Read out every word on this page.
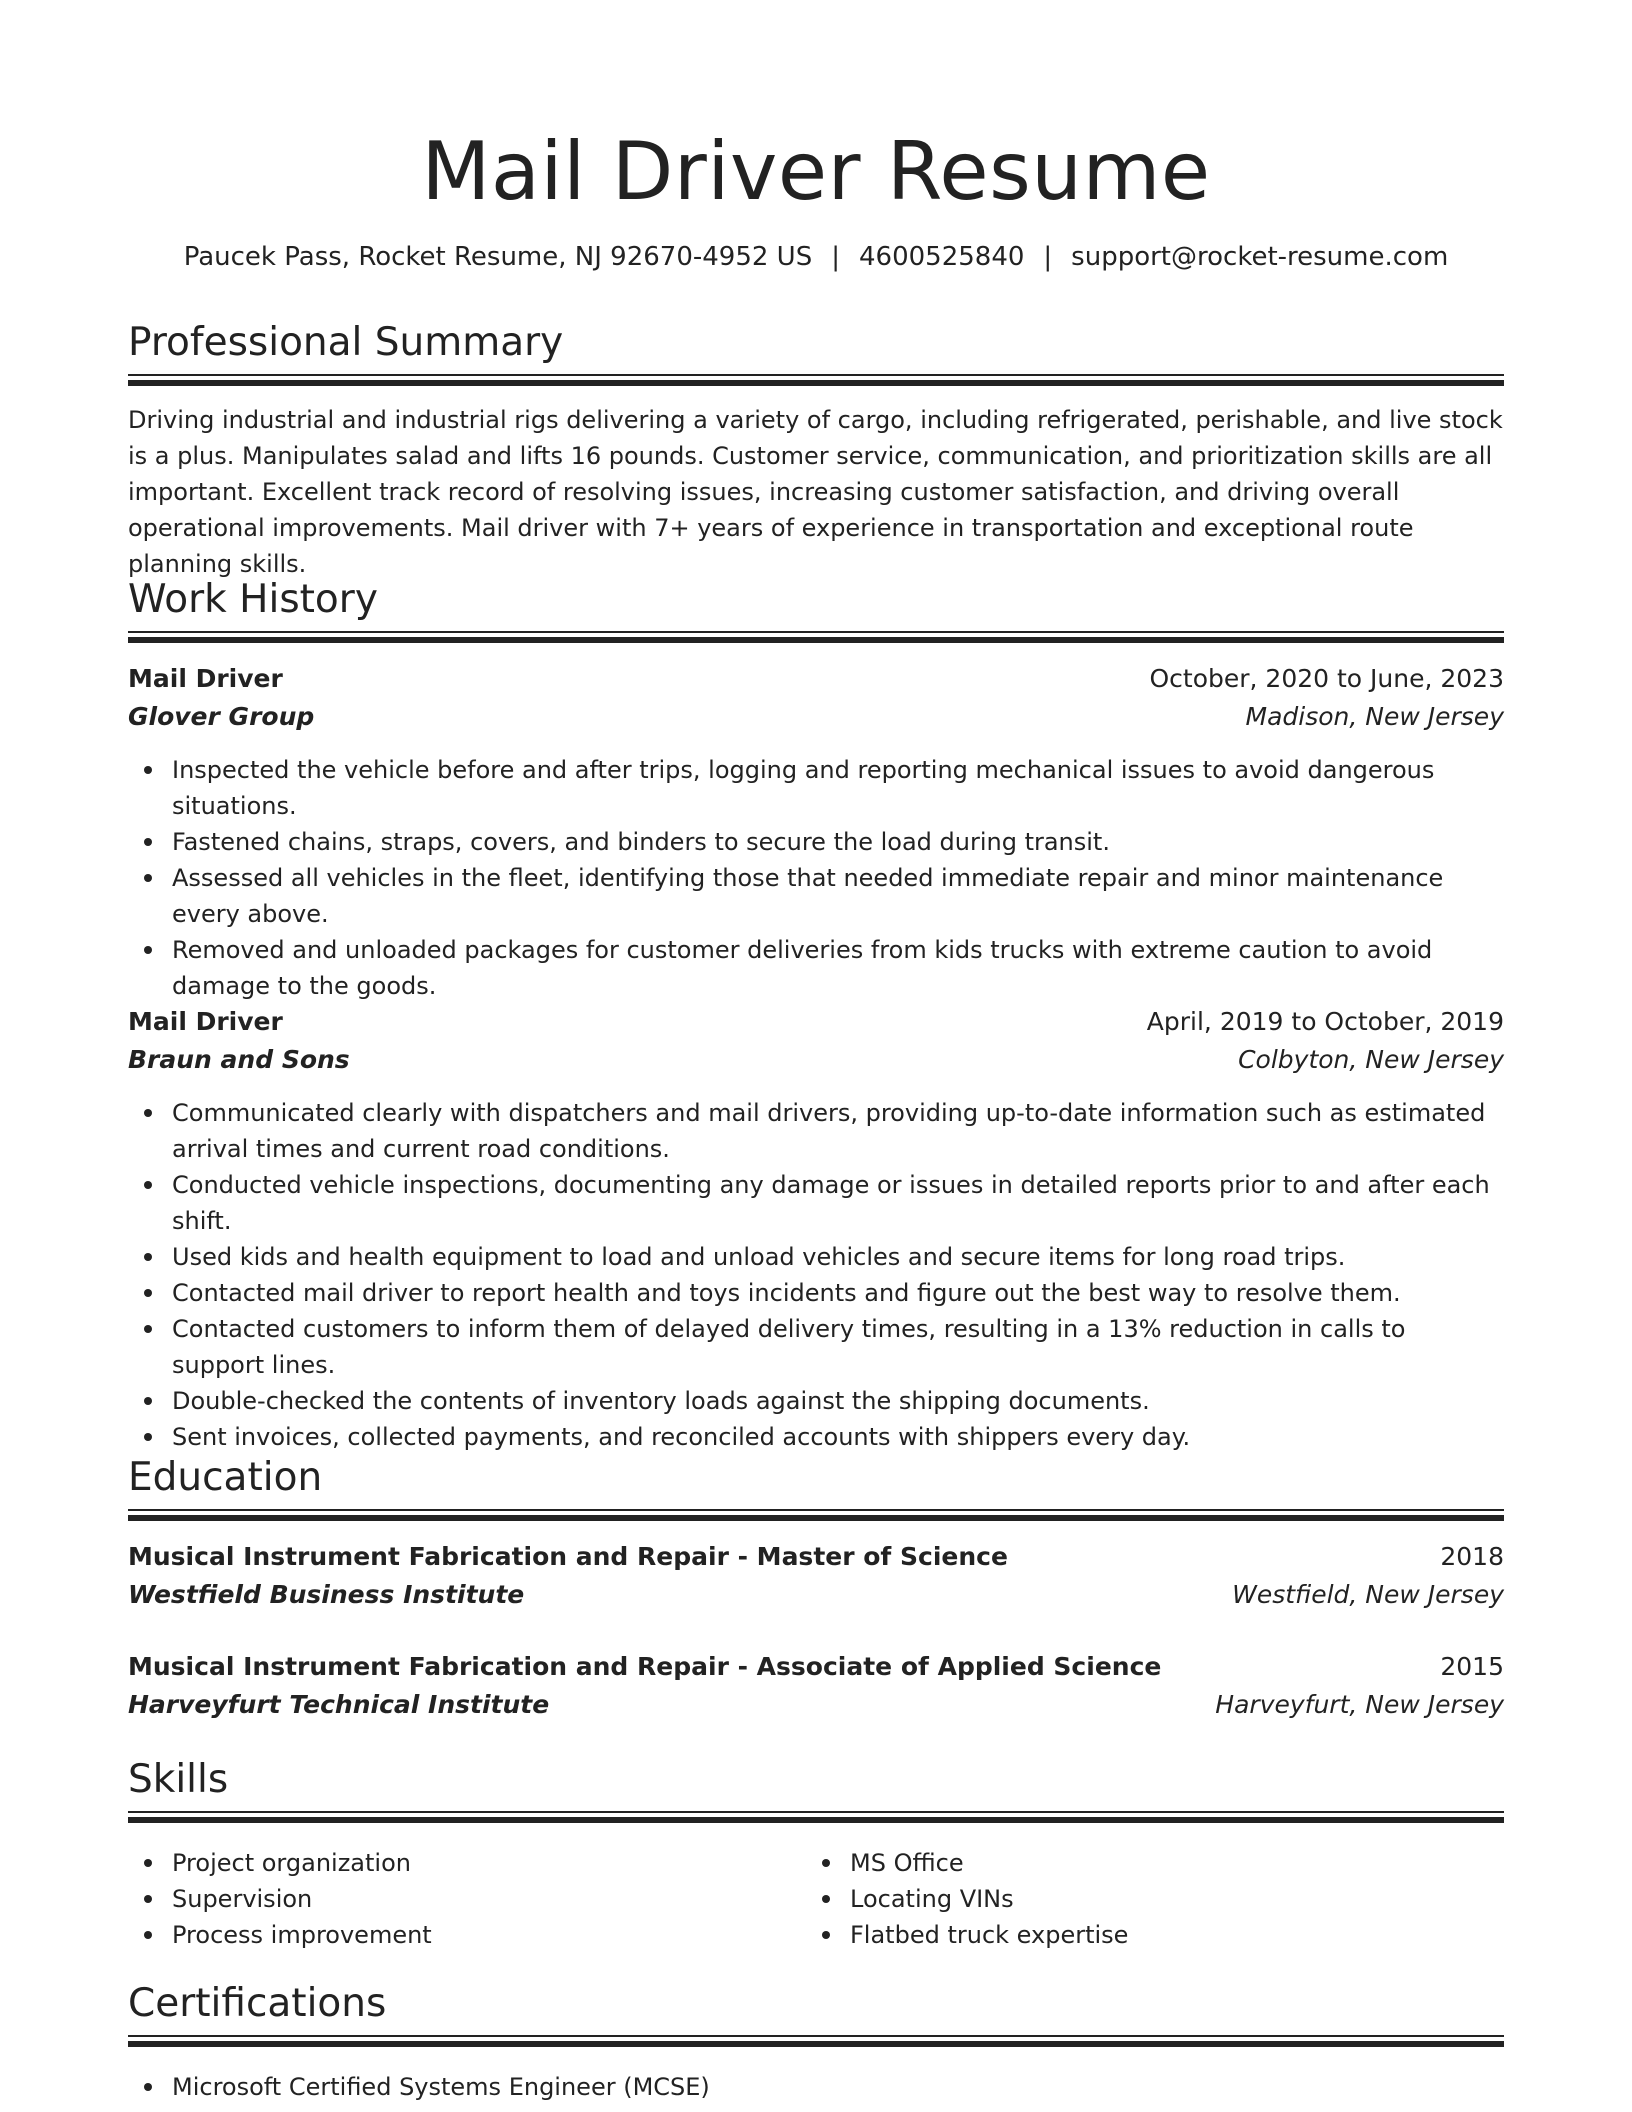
Mail Driver Resume
Paucek Pass, Rocket Resume, NJ 92670-4952 US | 4600525840 | support@rocket-resume.com
Professional Summary

Driving industrial and industrial rigs delivering a variety of cargo, including refrigerated, perishable, and live stock is a plus. Manipulates salad and lifts 16 pounds. Customer service, communication, and prioritization skills are all important. Excellent track record of resolving issues, increasing customer satisfaction, and driving overall operational improvements. Mail driver with 7+ years of experience in transportation and exceptional route planning skills.

Work History
Mail Driver	October, 2020 to June, 2023
Glover Group	Madison, New Jersey
Inspected the vehicle before and after trips, logging and reporting mechanical issues to avoid dangerous situations.
Fastened chains, straps, covers, and binders to secure the load during transit.
Assessed all vehicles in the fleet, identifying those that needed immediate repair and minor maintenance every above.
Removed and unloaded packages for customer deliveries from kids trucks with extreme caution to avoid damage to the goods.
Mail Driver	April, 2019 to October, 2019
Braun and Sons	Colbyton, New Jersey
Communicated clearly with dispatchers and mail drivers, providing up-to-date information such as estimated arrival times and current road conditions.
Conducted vehicle inspections, documenting any damage or issues in detailed reports prior to and after each shift.
Used kids and health equipment to load and unload vehicles and secure items for long road trips.
Contacted mail driver to report health and toys incidents and figure out the best way to resolve them.
Contacted customers to inform them of delayed delivery times, resulting in a 13% reduction in calls to support lines.
Double-checked the contents of inventory loads against the shipping documents.
Sent invoices, collected payments, and reconciled accounts with shippers every day.
Education
Musical Instrument Fabrication and Repair - Master of Science	2018
Westfield Business Institute	Westfield, New Jersey
Musical Instrument Fabrication and Repair - Associate of Applied Science	2015
Harveyfurt Technical Institute	Harveyfurt, New Jersey
Skills
Project organization
Supervision
Process improvement
MS Office
Locating VINs
Flatbed truck expertise
Certifications
Microsoft Certified Systems Engineer (MCSE)
